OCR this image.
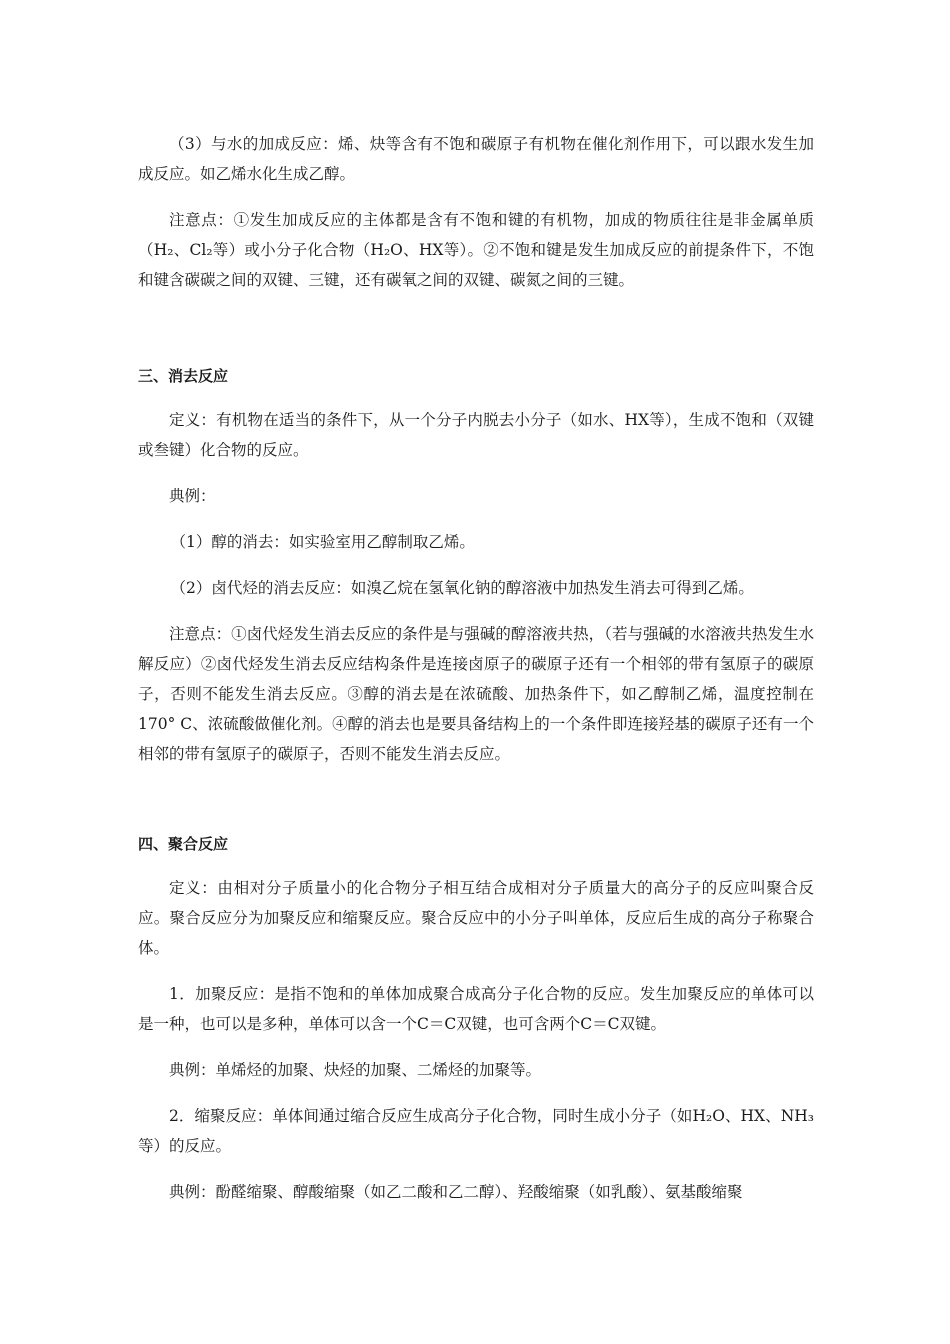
（3）与水的加成反应：烯、炔等含有不饱和碳原子有机物在催化剂作用下，可以跟水发生加成反应。如乙烯水化生成乙醇。

注意点：①发生加成反应的主体都是含有不饱和键的有机物，加成的物质往往是非金属单质（H₂、Cl₂等）或小分子化合物（H₂O、HX等）。②不饱和键是发生加成反应的前提条件下，不饱和键含碳碳之间的双键、三键，还有碳氧之间的双键、碳氮之间的三键。

三、消去反应

定义：有机物在适当的条件下，从一个分子内脱去小分子（如水、HX等），生成不饱和（双键或叁键）化合物的反应。

典例：

（1）醇的消去：如实验室用乙醇制取乙烯。

（2）卤代烃的消去反应：如溴乙烷在氢氧化钠的醇溶液中加热发生消去可得到乙烯。

注意点：①卤代烃发生消去反应的条件是与强碱的醇溶液共热，（若与强碱的水溶液共热发生水解反应）②卤代烃发生消去反应结构条件是连接卤原子的碳原子还有一个相邻的带有氢原子的碳原子，否则不能发生消去反应。③醇的消去是在浓硫酸、加热条件下，如乙醇制乙烯，温度控制在170° C、浓硫酸做催化剂。④醇的消去也是要具备结构上的一个条件即连接羟基的碳原子还有一个相邻的带有氢原子的碳原子，否则不能发生消去反应。

四、聚合反应

定义：由相对分子质量小的化合物分子相互结合成相对分子质量大的高分子的反应叫聚合反应。聚合反应分为加聚反应和缩聚反应。聚合反应中的小分子叫单体，反应后生成的高分子称聚合体。

1．加聚反应：是指不饱和的单体加成聚合成高分子化合物的反应。发生加聚反应的单体可以是一种，也可以是多种，单体可以含一个C＝C双键，也可含两个C＝C双键。

典例：单烯烃的加聚、炔烃的加聚、二烯烃的加聚等。

2．缩聚反应：单体间通过缩合反应生成高分子化合物，同时生成小分子（如H₂O、HX、NH₃等）的反应。

典例：酚醛缩聚、醇酸缩聚（如乙二酸和乙二醇）、羟酸缩聚（如乳酸）、氨基酸缩聚
